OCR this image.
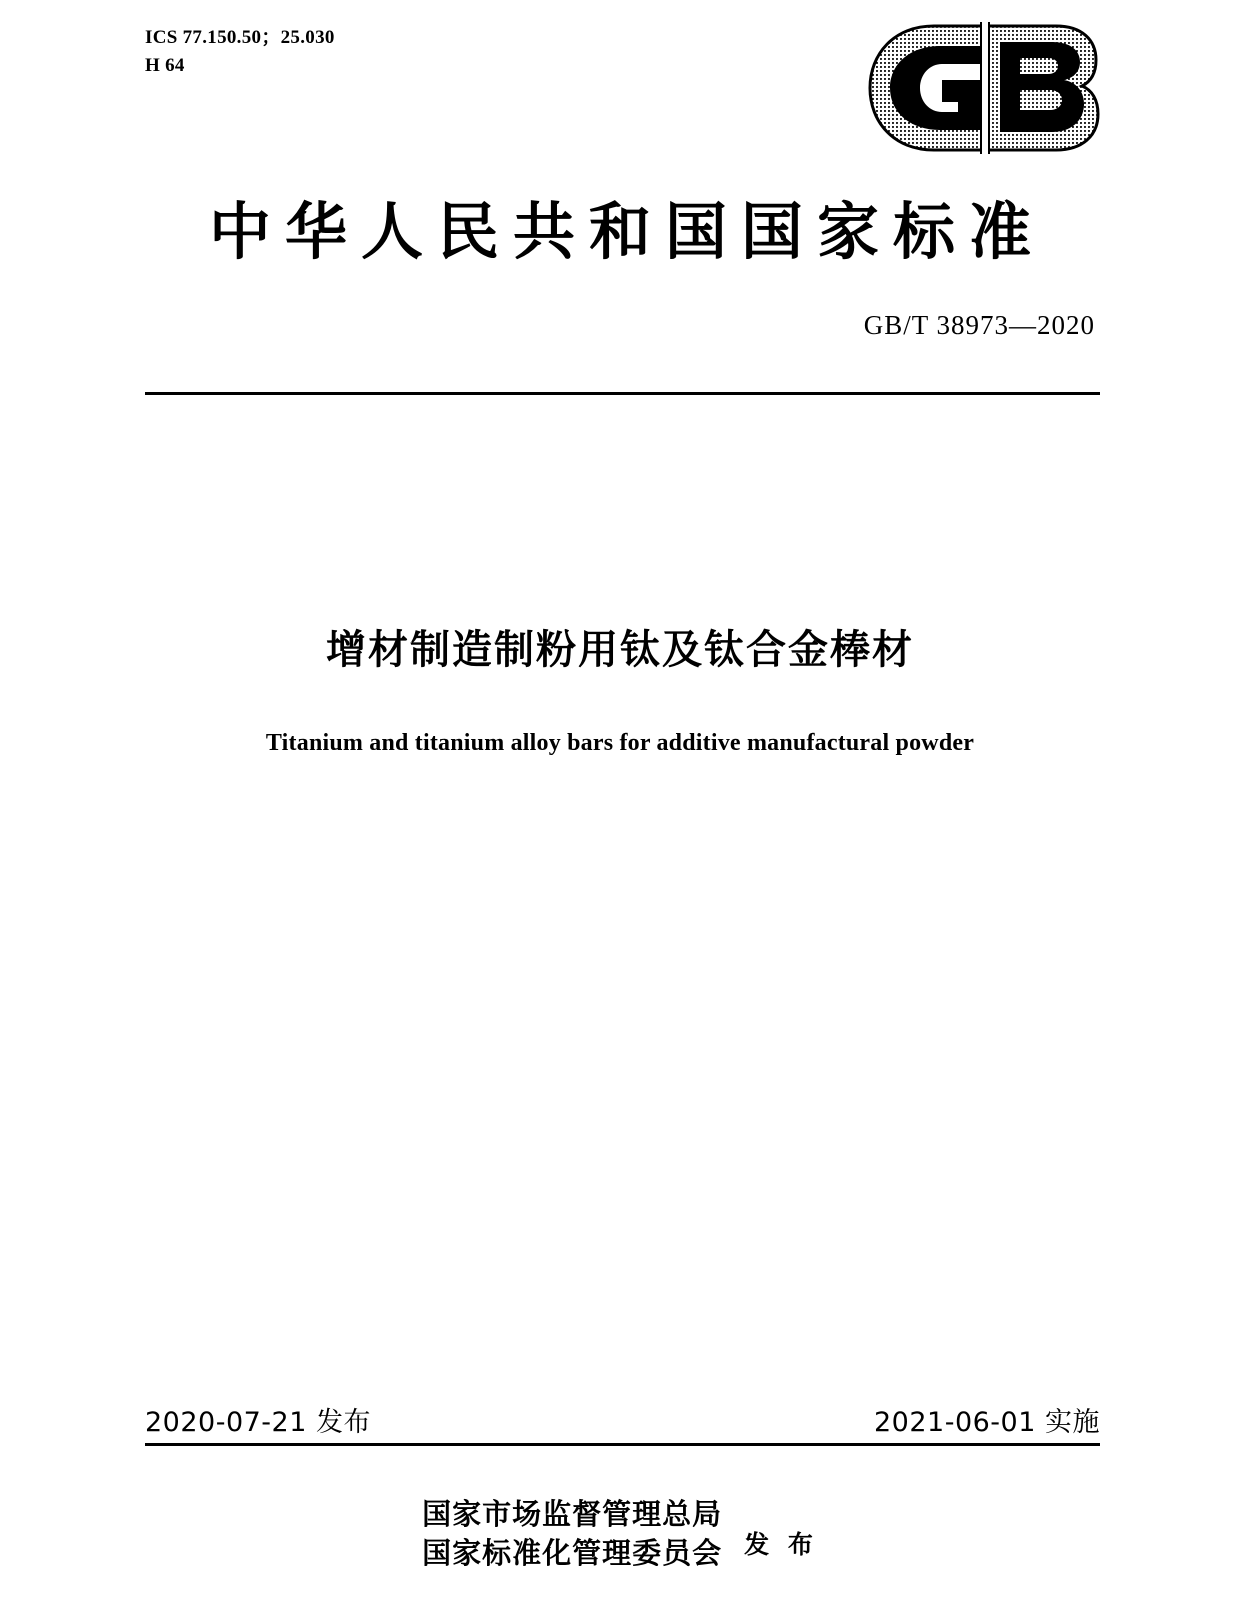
ICS 77.150.50；25.030
H 64
中华人民共和国国家标准
GB/T 38973—2020
增材制造制粉用钛及钛合金棒材
Titanium and titanium alloy bars for additive manufactural powder
2020-07-21 发布	2021-06-01 实施
国家市场监督管理总局
国家标准化管理委员会 发 布
